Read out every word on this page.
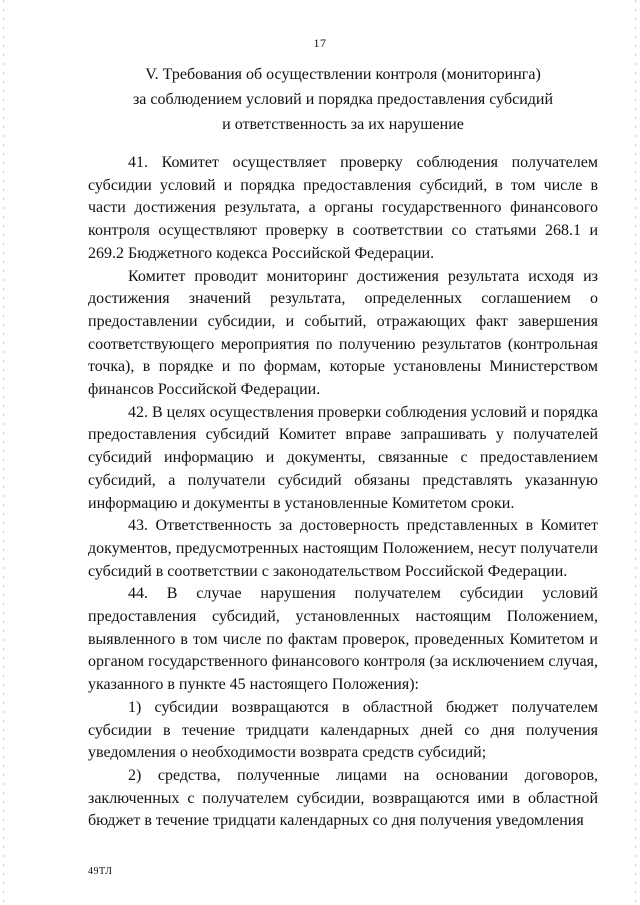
17
V. Требования об осуществлении контроля (мониторинга)
за соблюдением условий и порядка предоставления субсидий
и ответственность за их нарушение

41. Комитет осуществляет проверку соблюдения получателем субсидии условий и порядка предоставления субсидий, в том числе в части достижения результата, а органы государственного финансового контроля осуществляют проверку в соответствии со статьями 268.1 и 269.2 Бюджетного кодекса Российской Федерации.

Комитет проводит мониторинг достижения результата исходя из достижения значений результата, определенных соглашением о предоставлении субсидии, и событий, отражающих факт завершения соответствующего мероприятия по получению результатов (контрольная точка), в порядке и по формам, которые установлены Министерством финансов Российской Федерации.

42. В целях осуществления проверки соблюдения условий и порядка предоставления субсидий Комитет вправе запрашивать у получателей субсидий информацию и документы, связанные с предоставлением субсидий, а получатели субсидий обязаны представлять указанную информацию и документы в установленные Комитетом сроки.

43. Ответственность за достоверность представленных в Комитет документов, предусмотренных настоящим Положением, несут получатели субсидий в соответствии с законодательством Российской Федерации.

44. В случае нарушения получателем субсидии условий предоставления субсидий, установленных настоящим Положением, выявленного в том числе по фактам проверок, проведенных Комитетом и органом государственного финансового контроля (за исключением случая, указанного в пункте 45 настоящего Положения):

1) субсидии возвращаются в областной бюджет получателем субсидии в течение тридцати календарных дней со дня получения уведомления о необходимости возврата средств субсидий;

2) средства, полученные лицами на основании договоров, заключенных с получателем субсидии, возвращаются ими в областной бюджет в течение тридцати календарных со дня получения уведомления

49ТЛ
